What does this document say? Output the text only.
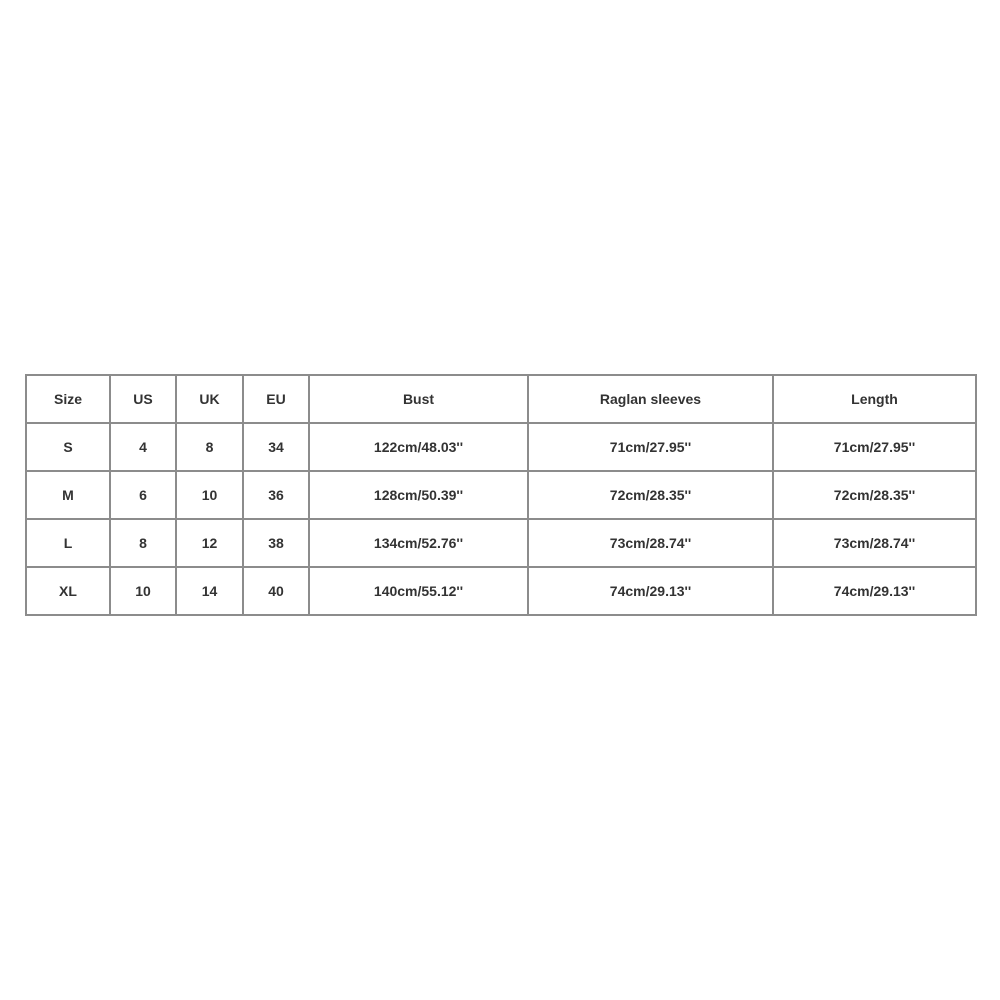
Size	US	UK	EU	Bust	Raglan sleeves	Length
S	4	8	34	122cm/48.03''	71cm/27.95''	71cm/27.95''
M	6	10	36	128cm/50.39''	72cm/28.35''	72cm/28.35''
L	8	12	38	134cm/52.76''	73cm/28.74''	73cm/28.74''
XL	10	14	40	140cm/55.12''	74cm/29.13''	74cm/29.13''
